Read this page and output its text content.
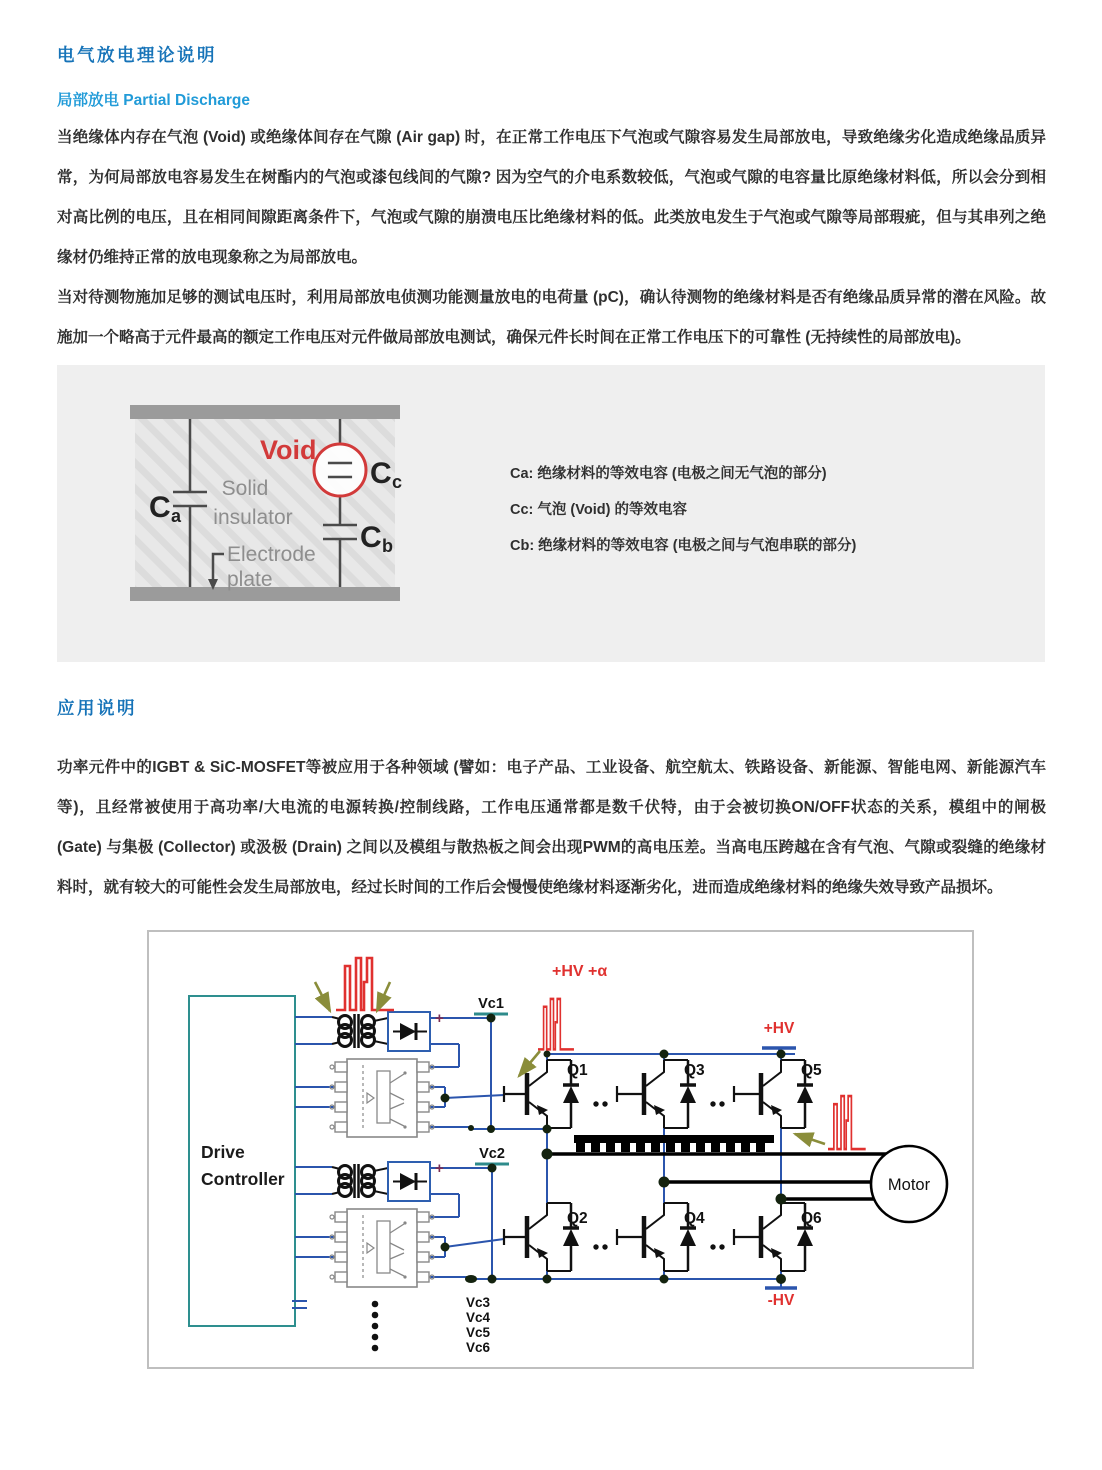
电气放电理论说明
局部放电 Partial Discharge
当绝缘体内存在气泡 (Void) 或绝缘体间存在气隙 (Air gap) 时，在正常工作电压下气泡或气隙容易发生局部放电，导致绝缘劣化造成绝缘品质异常，为何局部放电容易发生在树酯内的气泡或漆包线间的气隙? 因为空气的介电系数较低，气泡或气隙的电容量比原绝缘材料低，所以会分到相对高比例的电压，且在相同间隙距离条件下，气泡或气隙的崩溃电压比绝缘材料的低。此类放电发生于气泡或气隙等局部瑕疵，但与其串列之绝缘材仍维持正常的放电现象称之为局部放电。
当对待测物施加足够的测试电压时，利用局部放电侦测功能测量放电的电荷量 (pC)，确认待测物的绝缘材料是否有绝缘品质异常的潜在风险。故施加一个略高于元件最高的额定工作电压对元件做局部放电测试，确保元件长时间在正常工作电压下的可靠性 (无持续性的局部放电)。
Void
C a
C c
C b
Solid
insulator
Electrode
plate
Ca: 绝缘材料的等效电容 (电极之间无气泡的部分)
Cc: 气泡 (Void) 的等效电容
Cb: 绝缘材料的等效电容 (电极之间与气泡串联的部分)
应用说明
功率元件中的IGBT & SiC-MOSFET等被应用于各种领域 (譬如：电子产品、工业设备、航空航太、铁路设备、新能源、智能电网、新能源汽车等)，且经常被使用于高功率/大电流的电源转换/控制线路，工作电压通常都是数千伏特，由于会被切换ON/OFF状态的关系，模组中的闸极 (Gate) 与集极 (Collector) 或汲极 (Drain) 之间以及模组与散热板之间会出现PWM的高电压差。当高电压跨越在含有气泡、气隙或裂缝的绝缘材料时，就有较大的可能性会发生局部放电，经过长时间的工作后会慢慢使绝缘材料逐渐劣化，进而造成绝缘材料的绝缘失效导致产品损坏。
Drive
Controller	Motor
+HV +α
+HV
-HV
+
+
Vc1
Vc2
Vc3
Vc4
Vc5
Vc6
Q1	Q3	Q5
Q2	Q4	Q6
